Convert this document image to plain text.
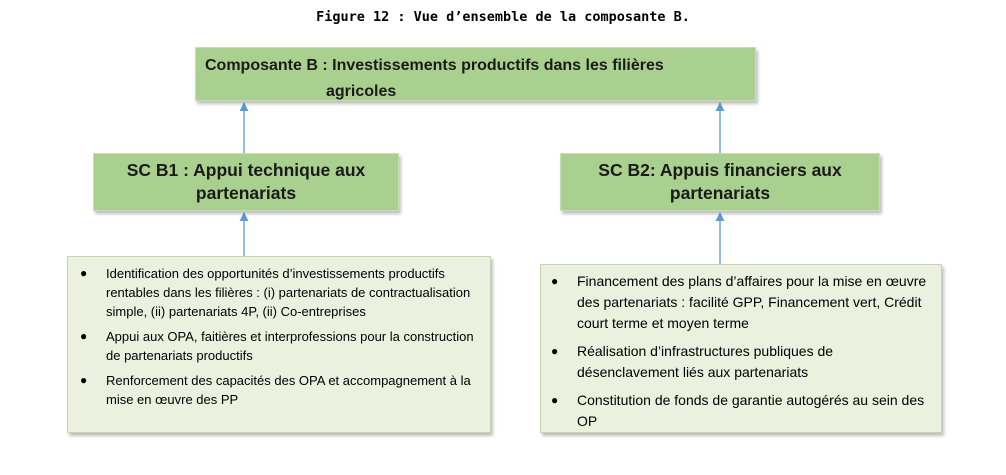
Figure 12 : Vue d’ensemble de la composante B.
Composante B : Investissements productifs dans les filières
agricoles
SC B1 : Appui technique aux
partenariats
SC B2: Appuis financiers aux
partenariats
● Identification des opportunités d’investissements productifs rentables dans les filières : (i) partenariats de contractualisation simple, (ii) partenariats 4P, (ii) Co-entreprises
● Appui aux OPA, faitières et interprofessions pour la construction de partenariats productifs
● Renforcement des capacités des OPA et accompagnement à la mise en œuvre des PP
● Financement des plans d’affaires pour la mise en œuvre des partenariats : facilité GPP, Financement vert, Crédit court terme et moyen terme
● Réalisation d’infrastructures publiques de désenclavement liés aux partenariats
● Constitution de fonds de garantie autogérés au sein des OP
